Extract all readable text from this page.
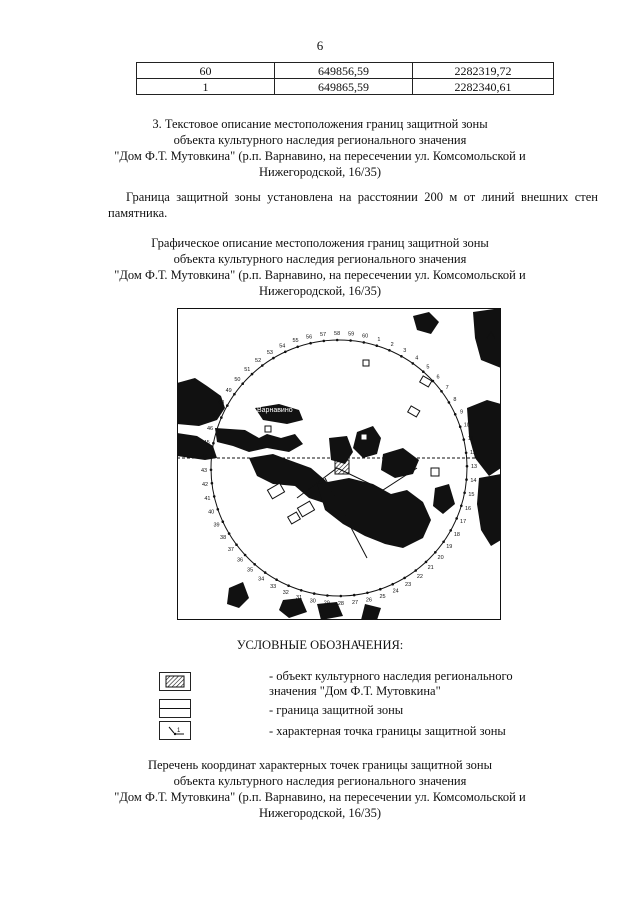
6
60	649856,59	2282319,72
1	649865,59	2282340,61
3. Текстовое описание местоположения границ защитной зоны
объекта культурного наследия регионального значения
"Дом Ф.Т. Мутовкина" (р.п. Варнавино, на пересечении ул. Комсомольской и
Нижегородской, 16/35)
Граница защитной зоны установлена на расстоянии 200 м от линий внешних стен памятника.
Графическое описание местоположения границ защитной зоны
объекта культурного наследия регионального значения
"Дом Ф.Т. Мутовкина" (р.п. Варнавино, на пересечении ул. Комсомольской и
Нижегородской, 16/35)
Варнавино
1
2
3
4
5
6
7
8
9
10
11
12
13
14
15
16
17
18
19
20
21
22
23
24
25
26
27
28
29
30
31
32
33
34
35
36
37
38
39
40
41
42
43
44
45
46
47
48
49
50
51
52
53
54
55
56 57 58 59 60
УСЛОВНЫЕ ОБОЗНАЧЕНИЯ:
- объект культурного наследия регионального
значения "Дом Ф.Т. Мутовкина"
- граница защитной зоны
1	- характерная точка границы защитной зоны
Перечень координат характерных точек границы защитной зоны
объекта культурного наследия регионального значения
"Дом Ф.Т. Мутовкина" (р.п. Варнавино, на пересечении ул. Комсомольской и
Нижегородской, 16/35)
